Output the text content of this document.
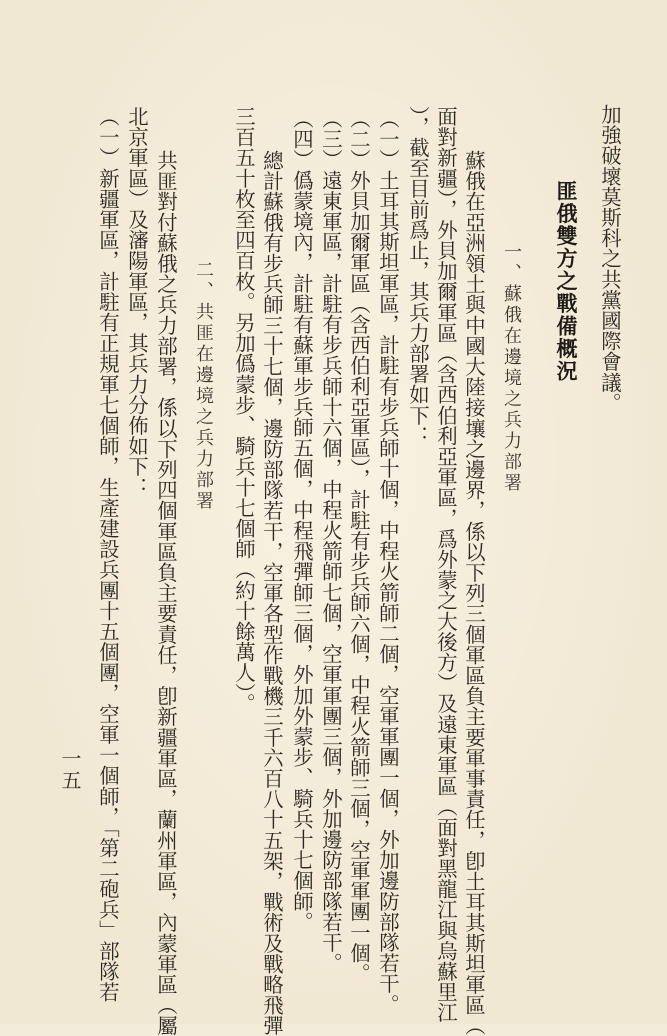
加強破壞莫斯科之共黨國際會議。
匪俄雙方之戰備概況
一、蘇俄在邊境之兵力部署
蘇俄在亞洲領土與中國大陸接壤之邊界，係以下列三個軍區負主要軍事責任，卽土耳其斯坦軍區（
面對新疆），外貝加爾軍區（含西伯利亞軍區，爲外蒙之大後方）及遠東軍區（面對黑龍江與烏蘇里江
），截至目前爲止，其兵力部署如下：
（一）土耳其斯坦軍區，計駐有步兵師十個，中程火箭師二個，空軍軍團一個，外加邊防部隊若干。
（二）外貝加爾軍區（含西伯利亞軍區），計駐有步兵師六個，中程火箭師三個，空軍軍團一個。
（三）遠東軍區，計駐有步兵師十六個，中程火箭師七個，空軍軍團三個，外加邊防部隊若干。
（四）僞蒙境內，計駐有蘇軍步兵師五個，中程飛彈師三個，外加外蒙步、騎兵十七個師。
總計蘇俄有步兵師三十七個，邊防部隊若干，空軍各型作戰機三千六百八十五架，戰術及戰略飛彈
三百五十枚至四百枚。另加僞蒙步、騎兵十七個師（約十餘萬人）。
二、共匪在邊境之兵力部署
共匪對付蘇俄之兵力部署，係以下列四個軍區負主要責任，卽新疆軍區，蘭州軍區，內蒙軍區（屬
北京軍區）及瀋陽軍區，其兵力分佈如下：
（一）新疆軍區，計駐有正規軍七個師，生產建設兵團十五個團，空軍一個師，「第二砲兵」部隊若
一五
